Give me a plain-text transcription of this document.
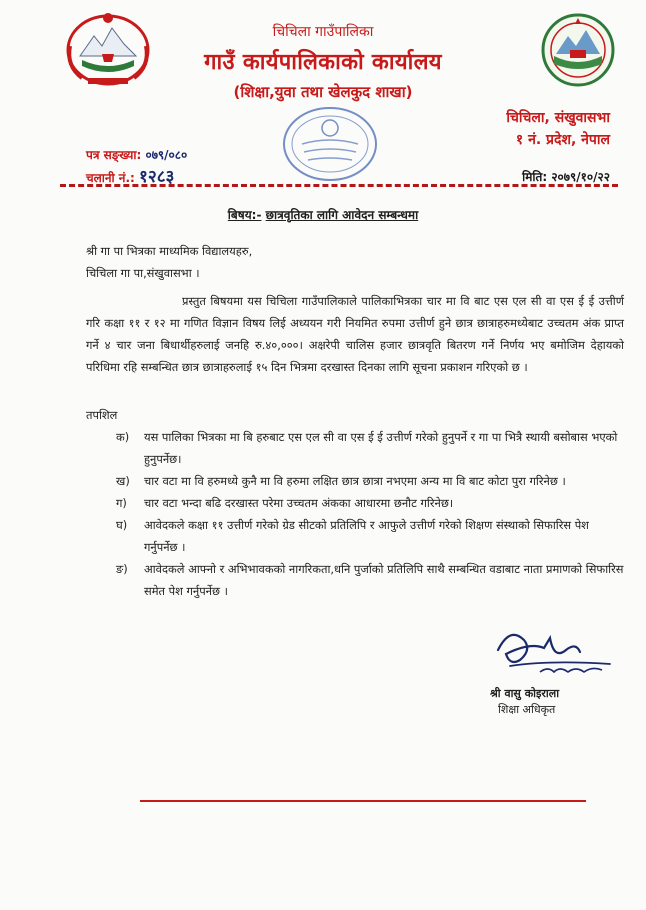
चिचिला गाउँपालिका
गाउँ कार्यपालिकाको कार्यालय
(शिक्षा,युवा तथा खेलकुद शाखा)
चिचिला, संखुवासभा
१ नं. प्रदेश, नेपाल
पत्र सङ्ख्या: ०७९/०८०
चलानी नं.: १२८३	मिति: २०७९/१०/२२
बिषय:- छात्रवृतिका लागि आवेदन सम्बन्धमा
श्री गा पा भित्रका माध्यमिक विद्यालयहरु,
चिचिला गा पा,संखुवासभा ।
प्रस्तुत बिषयमा यस चिचिला गाउँपालिकाले पालिकाभित्रका चार मा वि बाट एस एल सी वा एस ई ई उत्तीर्ण गरि कक्षा ११ र १२ मा गणित विज्ञान विषय लिई अध्ययन गरी नियमित रुपमा उत्तीर्ण हुने छात्र छात्राहरुमध्येबाट उच्चतम अंक प्राप्त गर्ने ४ चार जना बिधार्थीहरुलाई जनहि रु.४०,०००। अक्षरेपी चालिस हजार छात्रवृति बितरण गर्ने निर्णय भए बमोजिम देहायको परिधिमा रहि सम्बन्धित छात्र छात्राहरुलाई १५ दिन भित्रमा दरखास्त दिनका लागि सूचना प्रकाशन गरिएको छ ।
तपशिल
क) यस पालिका भित्रका मा बि हरुबाट एस एल सी वा एस ई ई उत्तीर्ण गरेको हुनुपर्ने र गा पा भित्रै स्थायी बसोबास भएको हुनुपर्नेछ।
ख) चार वटा मा वि हरुमध्ये कुनै मा वि हरुमा लक्षित छात्र छात्रा नभएमा अन्य मा वि बाट कोटा पुरा गरिनेछ ।
ग) चार वटा भन्दा बढि दरखास्त परेमा उच्चतम अंकका आधारमा छनौट गरिनेछ।
घ) आवेदकले कक्षा ११ उत्तीर्ण गरेको ग्रेड सीटको प्रतिलिपि र आफुले उत्तीर्ण गरेको शिक्षण संस्थाको सिफारिस पेश गर्नुपर्नेछ ।
ङ) आवेदकले आफ्नो र अभिभावकको नागरिकता,धनि पुर्जाको प्रतिलिपि साथै सम्बन्धित वडाबाट नाता प्रमाणको सिफारिस समेत पेश गर्नुपर्नेछ ।
श्री वासु कोइराला
शिक्षा अधिकृत
